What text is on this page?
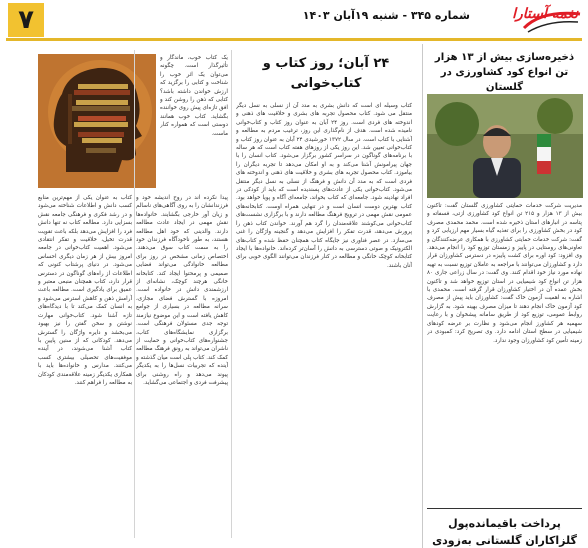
۷	شماره ۳۴۵ - شنبه ۱۹آبان ۱۴۰۳	نغمه آستارا
ذخیره‌سازی بیش از ۱۳ هزار تن انواع کود کشاورزی در گلستان
مدیریت شرکت خدمات حمایتی کشاورزی گلستان گفت: تاکنون بیش از ۱۳ هزار و ۲۱۵ تن انواع کود کشاورزی ازتی، فسفاته و پتاسه در انبارهای استان ذخیره شده است. محمد محمدی مصرف کود در بخش کشاورزی را برای تغذیه گیاه بسیار مهم ارزیابی کرد و گفت: شرکت خدمات حمایتی کشاورزی با همکاری عرضه‌کنندگان و تعاونی‌های روستایی در پاییز و زمستان توزیع کود را انجام می‌دهد. وی افزود: کود اوره برای کشت پاییزه در دسترس کشاورزان قرار دارد و کشاورزان می‌توانند با مراجعه به عاملان توزیع نسبت به تهیه نهاده مورد نیاز خود اقدام کنند. وی گفت: در سال زراعی جاری ۸۰ هزار تن انواع کود شیمیایی در استان توزیع خواهد شد و تاکنون بخش عمده آن در اختیار کشاورزان قرار گرفته است. محمدی با اشاره به اهمیت آزمون خاک گفت: کشاورزان باید پیش از مصرف کود آزمون خاک انجام دهند تا میزان مصرف بهینه شود. به گزارش روابط عمومی، توزیع کود از طریق سامانه پیشخوان و با رعایت سهمیه هر کشاورز انجام می‌شود و نظارت بر عرضه کودهای شیمیایی در سطح استان ادامه دارد. وی تصریح کرد: کمبودی در زمینه تأمین کود کشاورزان وجود ندارد.
پرداخت‌ باقیمانده‌پول گلزاکاران گلستانی به‌زودی
۲۴ آبان؛ روز کتاب و کتاب‌خوانی
کتاب وسیله ای است که دانش بشری به مدد آن از نسلی به نسل دیگر منتقل می شود. کتاب محصول تجربه های بشری و خلاقیت های ذهنی و اندوخته های فردی است. روز ۲۴ آبان به عنوان روز کتاب و کتاب‌خوانی نامیده شده است. هدف از نام‌گذاری این روز، ترغیب مردم به مطالعه و آشنایی با کتاب است. در سال ۱۳۷۲ خورشیدی ۲۴ آبان به عنوان روز کتاب و کتاب‌خوانی تعیین شد. این روز یکی از روزهای هفته کتاب است که هر ساله با برنامه‌های گوناگون در سراسر کشور برگزار می‌شود. کتاب انسان را با جهان پیرامونش آشنا می‌کند و به او امکان می‌دهد تا تجربه دیگران را بیاموزد. کتاب محصول تجربه های بشری و خلاقیت های ذهنی و اندوخته های فردی است که به مدد آن دانش و فرهنگ از نسلی به نسل دیگر منتقل می‌شود. کتاب‌خوانی یکی از عادت‌های پسندیده است که باید از کودکی در افراد نهادینه شود. جامعه‌ای که کتاب بخواند، جامعه‌ای آگاه و پویا خواهد بود. کتاب بهترین دوست انسان است و در تنهایی همراه اوست. کتابخانه‌های عمومی نقش مهمی در ترویج فرهنگ مطالعه دارند و با برگزاری نشست‌های کتاب‌خوانی می‌کوشند علاقه‌مندان را گرد هم آورند. خواندن کتاب ذهن را پرورش می‌دهد، قدرت تفکر را افزایش می‌دهد و گنجینه واژگان را غنی می‌سازد. در عصر فناوری نیز جایگاه کتاب همچنان حفظ شده و کتاب‌های الکترونیک و صوتی دسترسی به دانش را آسان‌تر کرده‌اند. خانواده‌ها با ایجاد کتابخانه کوچک خانگی و مطالعه در کنار فرزندان می‌توانند الگوی خوبی برای آنان باشند.
یک کتاب خوب، ماندگار و تأثیرگذار است. چگونه می‌توان یک اثر خوب را شناخت و کتابی را برگزید که ارزش خواندن داشته باشد؟ کتابی که ذهن را روشن کند و افق تازه‌ای پیش روی خواننده بگشاید. کتاب خوب همانند دوستی است که همواره کنار ماست.
کتاب به عنوان یکی از مهم‌ترین منابع کسب دانش و اطلاعات شناخته می‌شود و در رشد فکری و فرهنگی جامعه نقش بسزایی دارد. مطالعه کتاب نه تنها دانش فرد را افزایش می‌دهد بلکه باعث تقویت قدرت تخیل، خلاقیت و تفکر انتقادی می‌شود. اهمیت کتاب‌خوانی در جامعه امروز بیش از هر زمان دیگری احساس می‌شود. در دنیای پرشتاب کنونی که اطلاعات از راه‌های گوناگون در دسترس قرار دارد، کتاب همچنان منبعی معتبر و عمیق برای یادگیری است. مطالعه باعث آرامش ذهن و کاهش استرس می‌شود و به انسان کمک می‌کند تا با دیدگاه‌های تازه آشنا شود. کتاب‌خوانی مهارت نوشتن و سخن گفتن را نیز بهبود می‌بخشد و دایره واژگان را گسترش می‌دهد. کودکانی که از سنین پایین با کتاب آشنا می‌شوند، در آینده موفقیت‌های تحصیلی بیشتری کسب می‌کنند. مدارس و خانواده‌ها باید با همکاری یکدیگر زمینه علاقه‌مندی کودکان به مطالعه را فراهم کنند.
پیدا نکرده اند در روح اندیشه خود و فرزندانشان را به روی آگاهی‌های ناسالم و زیان آور خارجی بگشایند. خانواده‌ها نقش مهمی در ایجاد عادت مطالعه دارند. والدینی که خود اهل مطالعه هستند، به طور ناخودآگاه فرزندان خود را به سمت کتاب سوق می‌دهند. اختصاص زمانی مشخص در روز برای مطالعه خانوادگی می‌تواند فضایی صمیمی و پرمحتوا ایجاد کند. کتابخانه خانگی هرچند کوچک، نشانه‌ای از ارزشمندی دانش در خانواده است. امروزه با گسترش فضای مجازی، سرانه مطالعه در بسیاری از جوامع کاهش یافته است و این موضوع نیازمند توجه جدی مسئولان فرهنگی است. برگزاری نمایشگاه‌های کتاب، جشنواره‌های کتاب‌خوانی و حمایت از ناشران می‌تواند به رونق فرهنگ مطالعه کمک کند. کتاب پلی است میان گذشته و آینده که تجربیات نسل‌ها را به یکدیگر پیوند می‌دهد و راه روشنی برای پیشرفت فردی و اجتماعی می‌گشاید.
